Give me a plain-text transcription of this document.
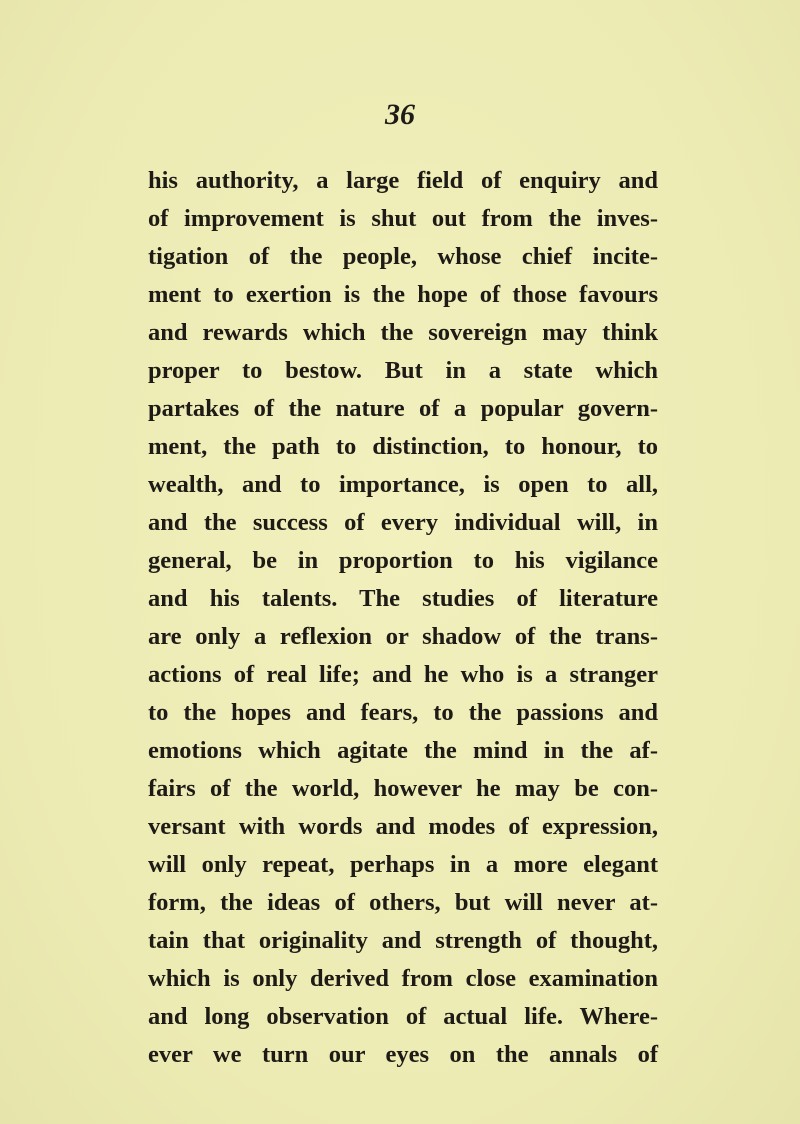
36
his authority, a large field of enquiry and
of improvement is shut out from the inves-
tigation of the people, whose chief incite-
ment to exertion is the hope of those favours
and rewards which the sovereign may think
proper to bestow. But in a state which
partakes of the nature of a popular govern-
ment, the path to distinction, to honour, to
wealth, and to importance, is open to all,
and the success of every individual will, in
general, be in proportion to his vigilance
and his talents. The studies of literature
are only a reflexion or shadow of the trans-
actions of real life; and he who is a stranger
to the hopes and fears, to the passions and
emotions which agitate the mind in the af-
fairs of the world, however he may be con-
versant with words and modes of expression,
will only repeat, perhaps in a more elegant
form, the ideas of others, but will never at-
tain that originality and strength of thought,
which is only derived from close examination
and long observation of actual life. Where-
ever we turn our eyes on the annals of
